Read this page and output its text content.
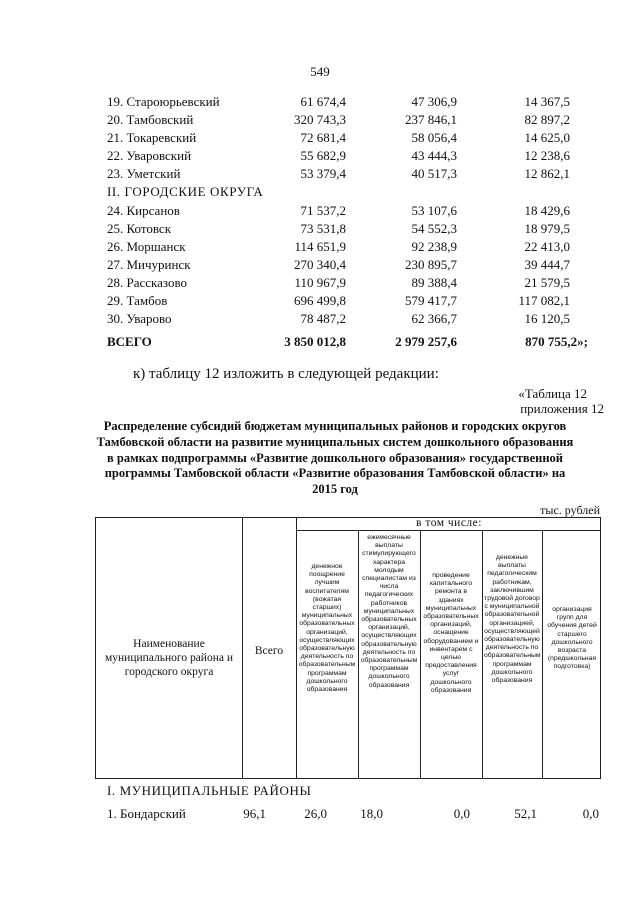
549
19. Староюрьевский	61 674,4	47 306,9	14 367,5
20. Тамбовский	320 743,3	237 846,1	82 897,2
21. Токаревский	72 681,4	58 056,4	14 625,0
22. Уваровский	55 682,9	43 444,3	12 238,6
23. Уметский	53 379,4	40 517,3	12 862,1
II. ГОРОДСКИЕ ОКРУГА
24. Кирсанов	71 537,2	53 107,6	18 429,6
25. Котовск	73 531,8	54 552,3	18 979,5
26. Моршанск	114 651,9	92 238,9	22 413,0
27. Мичуринск	270 340,4	230 895,7	39 444,7
28. Рассказово	110 967,9	89 388,4	21 579,5
29. Тамбов	696 499,8	579 417,7	117 082,1
30. Уварово	78 487,2	62 366,7	16 120,5
ВСЕГО	3 850 012,8	2 979 257,6	870 755,2»;
к) таблицу 12 изложить в следующей редакции:
«Таблица 12
приложения 12
Распределение субсидий бюджетам муниципальных районов и городских округов Тамбовской области на развитие муниципальных систем дошкольного образования в рамках подпрограммы «Развитие дошкольного образования» государственной программы Тамбовской области «Развитие образования Тамбовской области» на 2015 год
тыс. рублей
Наименование муниципального района и городского округа
Всего
в том числе:
денежное поощрение лучшим воспитателям (вожатая старших) муниципальных образовательных организаций, осуществляющих образовательную деятельность по образовательным программам дошкольного образования
ежемесячные выплаты стимулирующего характера молодым специалистам из числа педагогических работников муниципальных образовательных организаций, осуществляющих образовательную деятельность по образовательным программам дошкольного образования
проведение капитального ремонта в зданиях муниципальных образовательных организаций, оснащение оборудованием и инвентарем с целью предоставления услуг дошкольного образования
денежные выплаты педагогическим работникам, заключившим трудовой договор с муниципальной образовательной организацией, осуществляющей образовательную деятельность по образовательным программам дошкольного образования
организация групп для обучения детей старшего дошкольного возраста (предшкольная подготовка)
I. МУНИЦИПАЛЬНЫЕ РАЙОНЫ
1. Бондарский	96,1	26,0	18,0	0,0	52,1	0,0
